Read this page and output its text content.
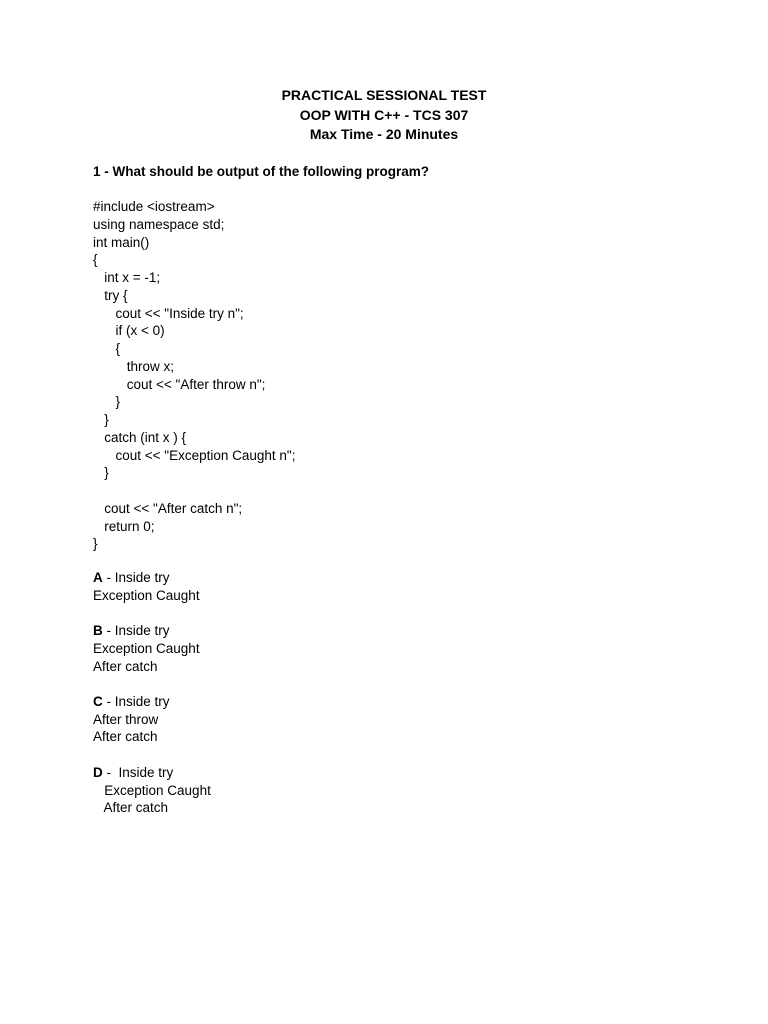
PRACTICAL SESSIONAL TEST
OOP WITH C++ - TCS 307
Max Time - 20 Minutes
1 - What should be output of the following program?
#include <iostream>
using namespace std;
int main()
{
int x = -1;
try {
cout << "Inside try n";
if (x < 0)
{
throw x;
cout << "After throw n";
}
}
catch (int x ) {
cout << "Exception Caught n";
}
cout << "After catch n";
return 0;
}
A - Inside try
Exception Caught
B - Inside try
Exception Caught
After catch
C - Inside try
After throw
After catch
D -  Inside try
Exception Caught
After catch
